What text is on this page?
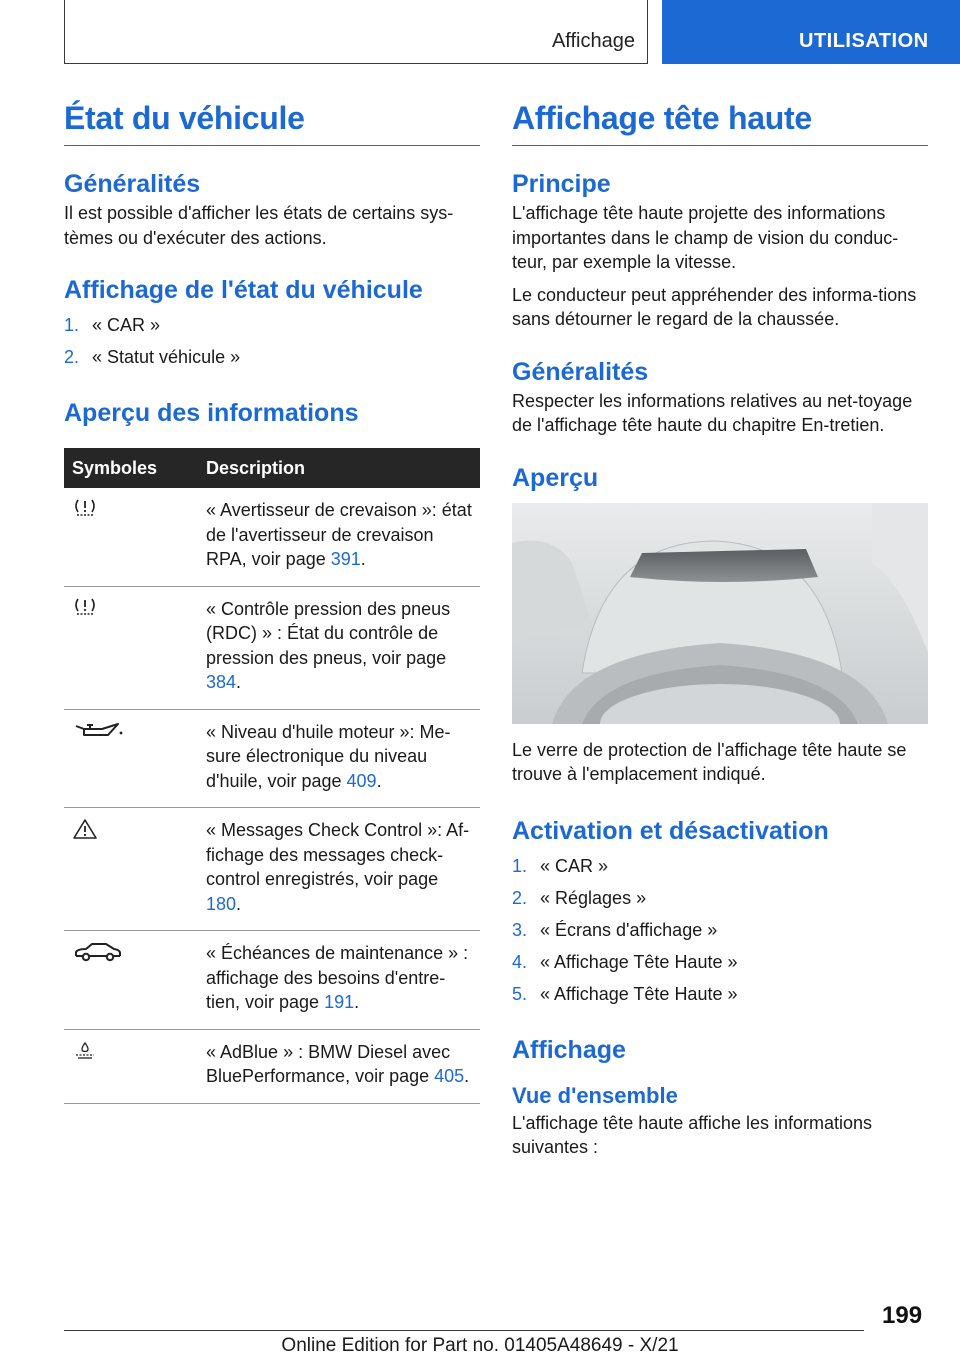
Affichage	UTILISATION
État du véhicule
Généralités

Il est possible d'afficher les états de certains sys‐tèmes ou d'exécuter des actions.

Affichage de l'état du véhicule
1. « CAR »
2. « Statut véhicule »
Aperçu des informations
Symboles	Description
	« Avertisseur de crevaison »: état de l'avertisseur de crevaison RPA, voir page 391.
	« Contrôle pression des pneus (RDC) » : État du contrôle de pression des pneus, voir page 384.
	« Niveau d'huile moteur »: Me‐sure électronique du niveau d'huile, voir page 409.
	« Messages Check Control »: Af‐fichage des messages check-control enregistrés, voir page 180.
	« Échéances de maintenance » : affichage des besoins d'entre‐tien, voir page 191.
	« AdBlue » : BMW Diesel avec BluePerformance, voir page 405.
Affichage tête haute
Principe

L'affichage tête haute projette des informations importantes dans le champ de vision du conduc‐teur, par exemple la vitesse.

Le conducteur peut appréhender des informa‐tions sans détourner le regard de la chaussée.

Généralités

Respecter les informations relatives au net‐toyage de l'affichage tête haute du chapitre En‐tretien.

Aperçu

Le verre de protection de l'affichage tête haute se trouve à l'emplacement indiqué.

Activation et désactivation
1. « CAR »
2. « Réglages »
3. « Écrans d'affichage »
4. « Affichage Tête Haute »
5. « Affichage Tête Haute »
Affichage
Vue d'ensemble

L'affichage tête haute affiche les informations suivantes :

199
Online Edition for Part no. 01405A48649 - X/21
